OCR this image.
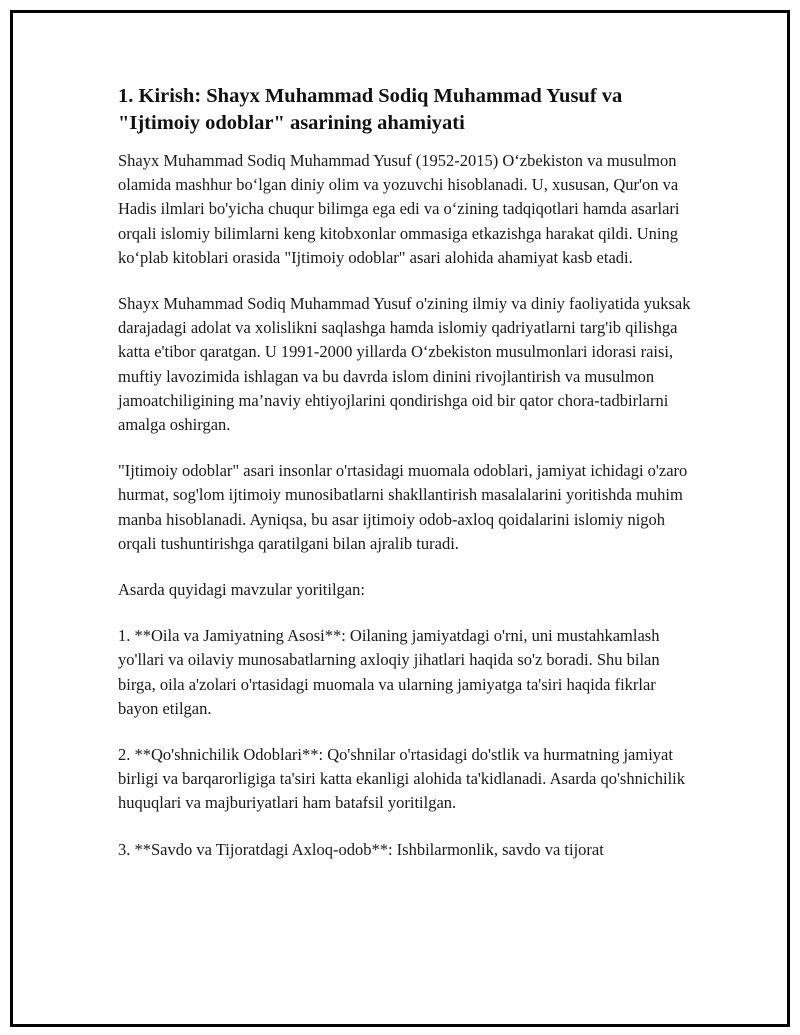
1. Kirish: Shayx Muhammad Sodiq Muhammad Yusuf va "Ijtimoiy odoblar" asarining ahamiyati

Shayx Muhammad Sodiq Muhammad Yusuf (1952-2015) O‘zbekiston va musulmon olamida mashhur bo‘lgan diniy olim va yozuvchi hisoblanadi. U, xususan, Qur'on va Hadis ilmlari bo'yicha chuqur bilimga ega edi va o‘zining tadqiqotlari hamda asarlari orqali islomiy bilimlarni keng kitobxonlar ommasiga etkazishga harakat qildi. Uning ko‘plab kitoblari orasida "Ijtimoiy odoblar" asari alohida ahamiyat kasb etadi.

Shayx Muhammad Sodiq Muhammad Yusuf o'zining ilmiy va diniy faoliyatida yuksak darajadagi adolat va xolislikni saqlashga hamda islomiy qadriyatlarni targ'ib qilishga katta e'tibor qaratgan. U 1991-2000 yillarda O‘zbekiston musulmonlari idorasi raisi, muftiy lavozimida ishlagan va bu davrda islom dinini rivojlantirish va musulmon jamoatchiligining ma’naviy ehtiyojlarini qondirishga oid bir qator chora-tadbirlarni amalga oshirgan.

"Ijtimoiy odoblar" asari insonlar o'rtasidagi muomala odoblari, jamiyat ichidagi o'zaro hurmat, sog'lom ijtimoiy munosibatlarni shakllantirish masalalarini yoritishda muhim manba hisoblanadi. Ayniqsa, bu asar ijtimoiy odob-axloq qoidalarini islomiy nigoh orqali tushuntirishga qaratilgani bilan ajralib turadi.

Asarda quyidagi mavzular yoritilgan:

1. **Oila va Jamiyatning Asosi**: Oilaning jamiyatdagi o'rni, uni mustahkamlash yo'llari va oilaviy munosabatlarning axloqiy jihatlari haqida so'z boradi. Shu bilan birga, oila a'zolari o'rtasidagi muomala va ularning jamiyatga ta'siri haqida fikrlar bayon etilgan.

2. **Qo'shnichilik Odoblari**: Qo'shnilar o'rtasidagi do'stlik va hurmatning jamiyat birligi va barqarorligiga ta'siri katta ekanligi alohida ta'kidlanadi. Asarda qo'shnichilik huquqlari va majburiyatlari ham batafsil yoritilgan.

3. **Savdo va Tijoratdagi Axloq-odob**: Ishbilarmonlik, savdo va tijorat
